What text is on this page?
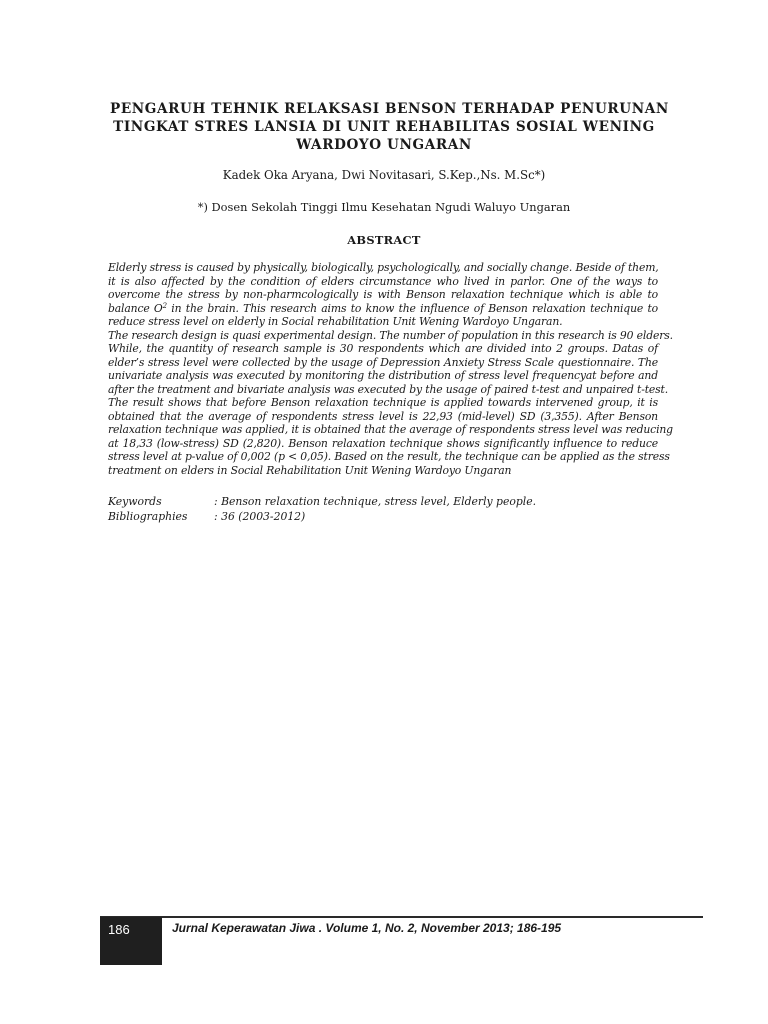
PENGARUH TEHNIK RELAKSASI BENSON TERHADAP PENURUNAN
TINGKAT STRES LANSIA DI UNIT REHABILITAS SOSIAL WENING
WARDOYO UNGARAN
Kadek Oka Aryana, Dwi Novitasari, S.Kep.,Ns. M.Sc*)
*) Dosen Sekolah Tinggi Ilmu Kesehatan Ngudi Waluyo Ungaran
ABSTRACT
Elderly stress is caused by physically, biologically, psychologically, and socially change. Beside of them,
it is also affected by the condition of elders circumstance who lived in parlor. One of the ways to
overcome the stress by non-pharmcologically is with Benson relaxation technique which is able to
balance $O^2$ in the brain. This research aims to know the influence of Benson relaxation technique to
reduce stress level on elderly in Social rehabilitation Unit Wening Wardoyo Ungaran.
The research design is quasi experimental design. The number of population in this research is 90 elders.
While, the quantity of research sample is 30 respondents which are divided into 2 groups. Datas of
elder’s stress level were collected by the usage of Depression Anxiety Stress Scale questionnaire. The
univariate analysis was executed by monitoring the distribution of stress level frequencyat before and
after the treatment and bivariate analysis was executed by the usage of paired t-test and unpaired t-test.
The result shows that before Benson relaxation technique is applied towards intervened group, it is
obtained that the average of respondents stress level is 22,93 (mid-level) SD (3,355). After Benson
relaxation technique was applied, it is obtained that the average of respondents stress level was reducing
at 18,33 (low-stress) SD (2,820). Benson relaxation technique shows significantly influence to reduce
stress level at p-value of 0,002 (p < 0,05). Based on the result, the technique can be applied as the stress
treatment on elders in Social Rehabilitation Unit Wening Wardoyo Ungaran
Keywords	: Benson relaxation technique, stress level, Elderly people.
Bibliographies : 36 (2003-2012)
186	Jurnal Keperawatan Jiwa . Volume 1, No. 2, November 2013; 186-195
